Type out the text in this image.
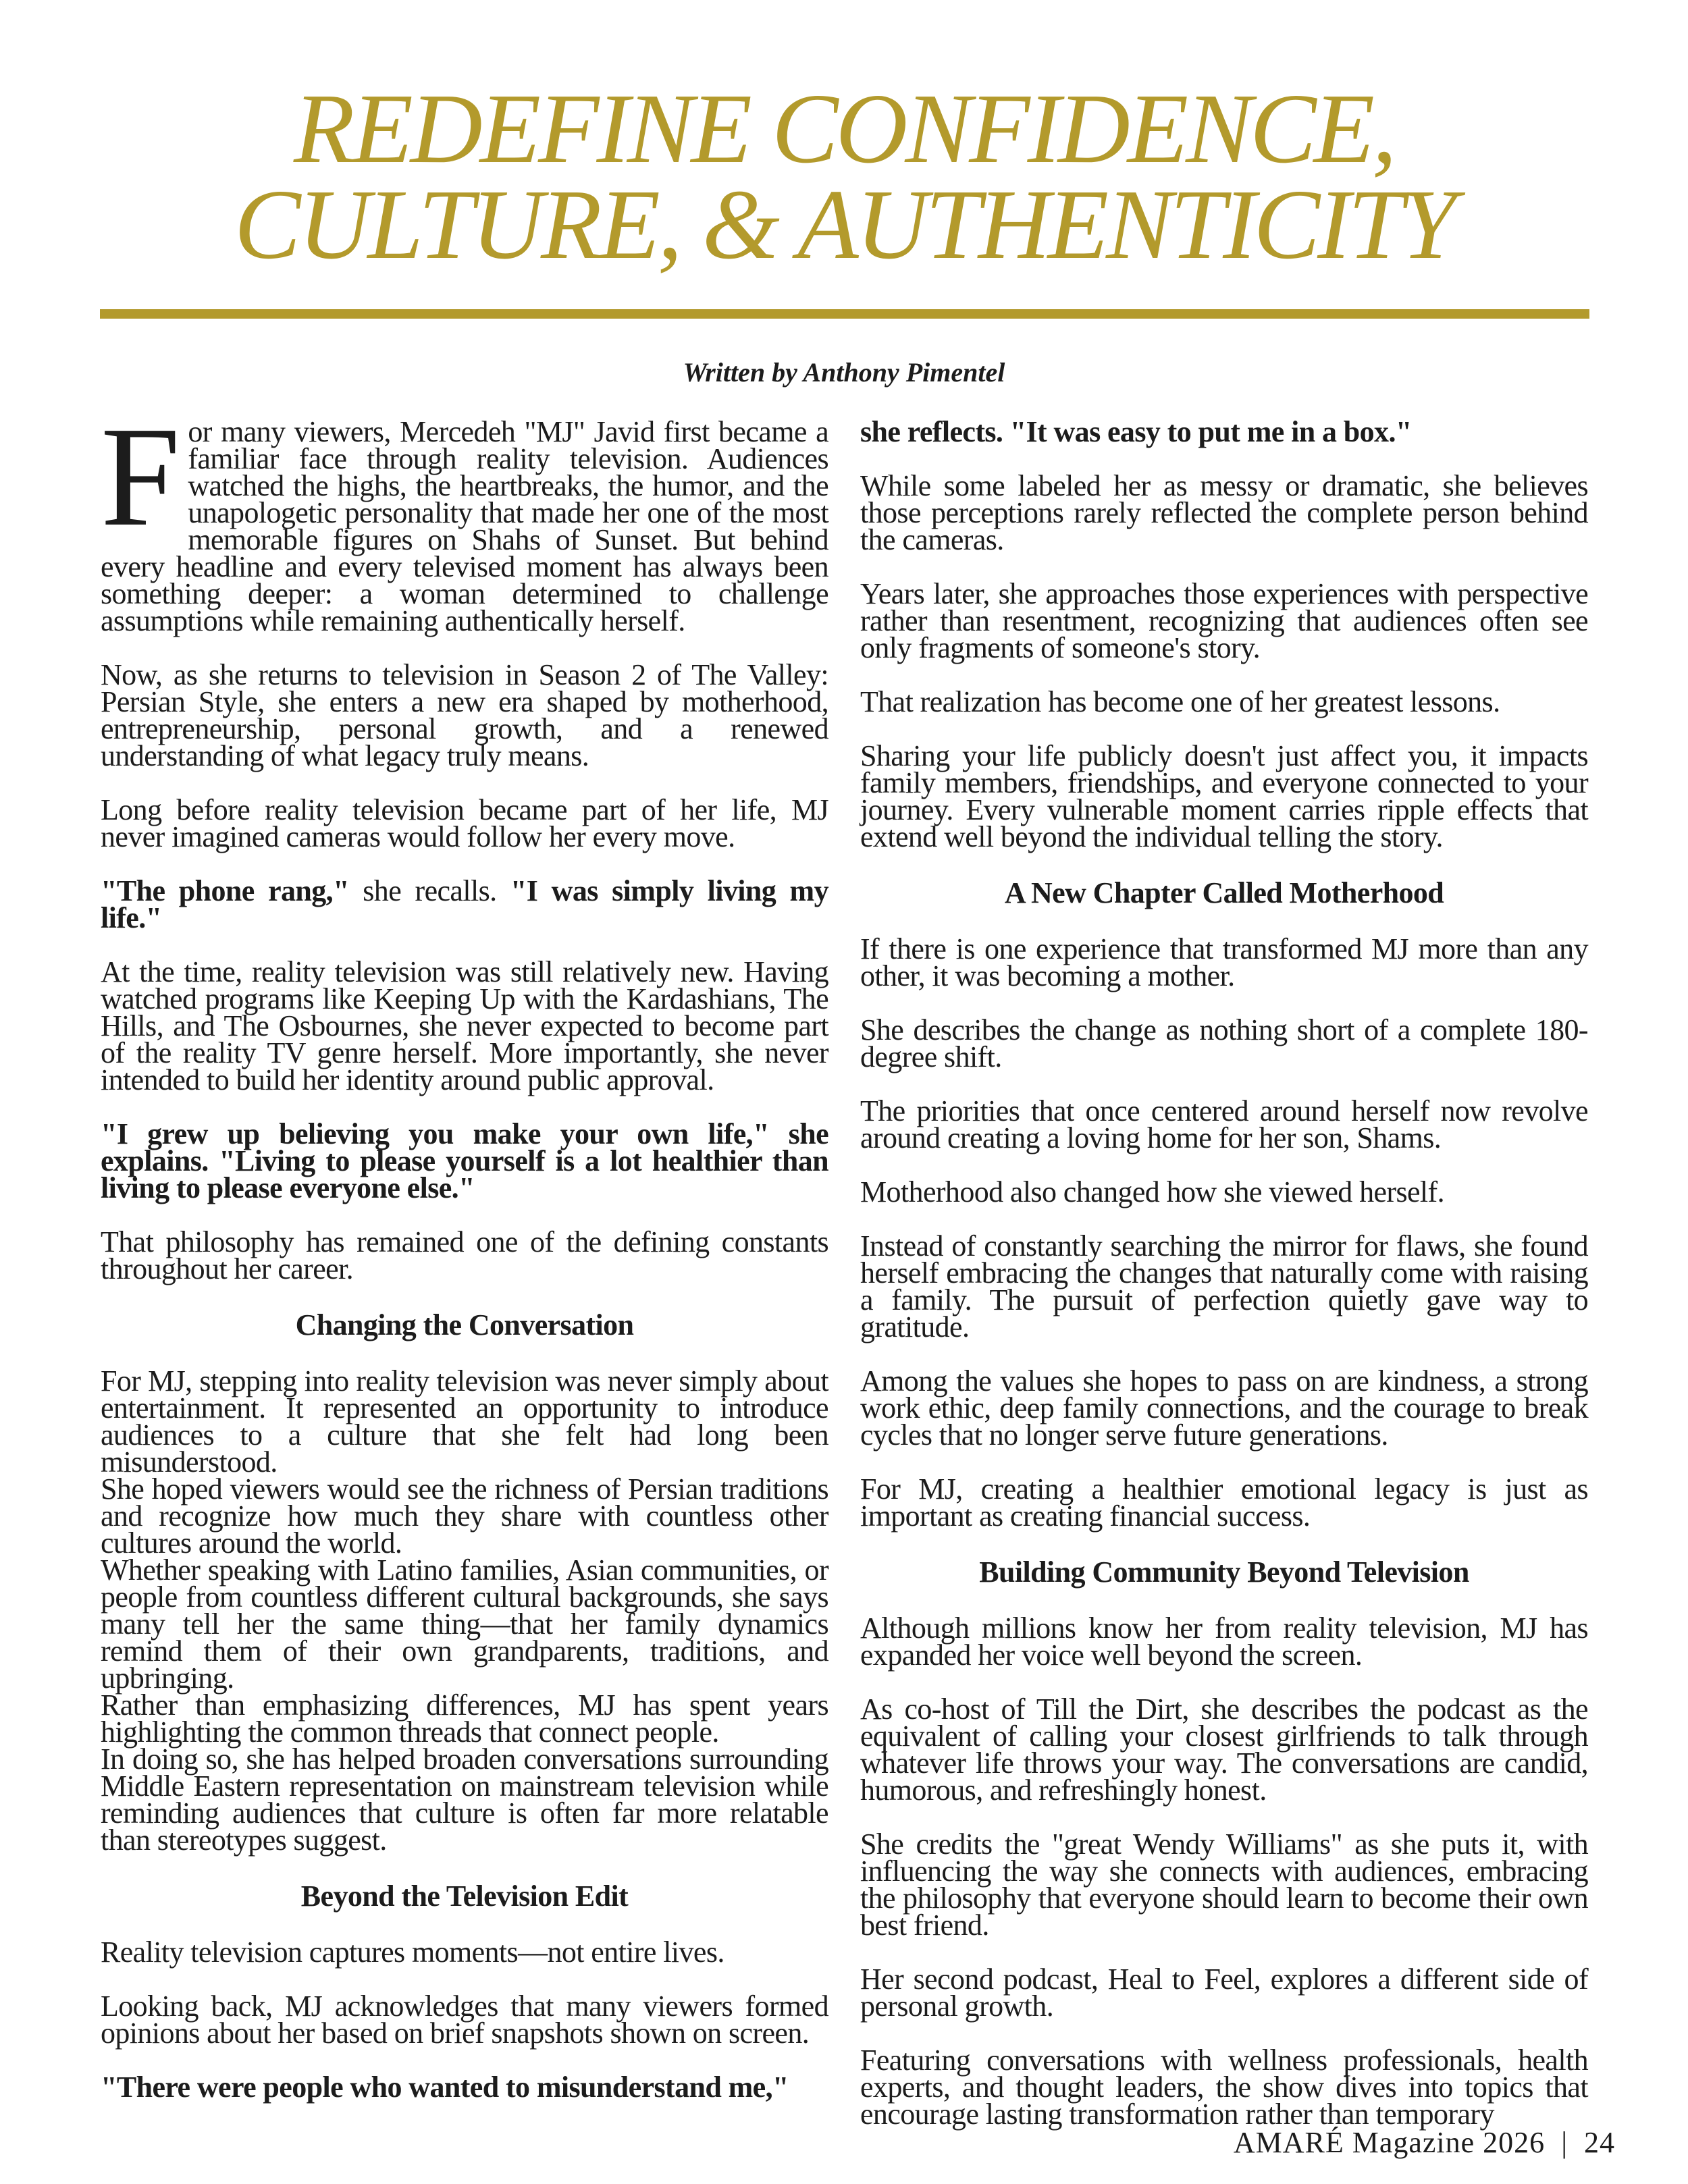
REDEFINE CONFIDENCE,
CULTURE, & AUTHENTICITY

Written by Anthony Pimentel

For many viewers, Mercedeh "MJ" Javid first became a familiar face through reality television. Audiences watched the highs, the heartbreaks, the humor, and the unapologetic personality that made her one of the most memorable figures on Shahs of Sunset. But behind every headline and every televised moment has always been something deeper: a woman determined to challenge assumptions while remaining authentically herself.

Now, as she returns to television in Season 2 of The Valley: Persian Style, she enters a new era shaped by motherhood, entrepreneurship, personal growth, and a renewed understanding of what legacy truly means.

Long before reality television became part of her life, MJ never imagined cameras would follow her every move.

"The phone rang," she recalls. "I was simply living my life."

At the time, reality television was still relatively new. Having watched programs like Keeping Up with the Kardashians, The Hills, and The Osbournes, she never expected to become part of the reality TV genre herself. More importantly, she never intended to build her identity around public approval.

"I grew up believing you make your own life," she explains. "Living to please yourself is a lot healthier than living to please everyone else."

That philosophy has remained one of the defining constants throughout her career.

Changing the Conversation

For MJ, stepping into reality television was never simply about entertainment. It represented an opportunity to introduce audiences to a culture that she felt had long been misunderstood.

She hoped viewers would see the richness of Persian traditions and recognize how much they share with countless other cultures around the world.

Whether speaking with Latino families, Asian communities, or people from countless different cultural backgrounds, she says many tell her the same thing—that her family dynamics remind them of their own grandparents, traditions, and upbringing.

Rather than emphasizing differences, MJ has spent years highlighting the common threads that connect people.

In doing so, she has helped broaden conversations surrounding Middle Eastern representation on mainstream television while reminding audiences that culture is often far more relatable than stereotypes suggest.

Beyond the Television Edit

Reality television captures moments—not entire lives.

Looking back, MJ acknowledges that many viewers formed opinions about her based on brief snapshots shown on screen.

"There were people who wanted to misunderstand me,"

she reflects. "It was easy to put me in a box."

While some labeled her as messy or dramatic, she believes those perceptions rarely reflected the complete person behind the cameras.

Years later, she approaches those experiences with perspective rather than resentment, recognizing that audiences often see only fragments of someone's story.

That realization has become one of her greatest lessons.

Sharing your life publicly doesn't just affect you, it impacts family members, friendships, and everyone connected to your journey. Every vulnerable moment carries ripple effects that extend well beyond the individual telling the story.

A New Chapter Called Motherhood

If there is one experience that transformed MJ more than any other, it was becoming a mother.

She describes the change as nothing short of a complete 180-degree shift.

The priorities that once centered around herself now revolve around creating a loving home for her son, Shams.

Motherhood also changed how she viewed herself.

Instead of constantly searching the mirror for flaws, she found herself embracing the changes that naturally come with raising a family. The pursuit of perfection quietly gave way to gratitude.

Among the values she hopes to pass on are kindness, a strong work ethic, deep family connections, and the courage to break cycles that no longer serve future generations.

For MJ, creating a healthier emotional legacy is just as important as creating financial success.

Building Community Beyond Television

Although millions know her from reality television, MJ has expanded her voice well beyond the screen.

As co-host of Till the Dirt, she describes the podcast as the equivalent of calling your closest girlfriends to talk through whatever life throws your way. The conversations are candid, humorous, and refreshingly honest.

She credits the "great Wendy Williams" as she puts it, with influencing the way she connects with audiences, embracing the philosophy that everyone should learn to become their own best friend.

Her second podcast, Heal to Feel, explores a different side of personal growth.

Featuring conversations with wellness professionals, health experts, and thought leaders, the show dives into topics that encourage lasting transformation rather than temporary

AMARÉ Magazine 2026 | 24
